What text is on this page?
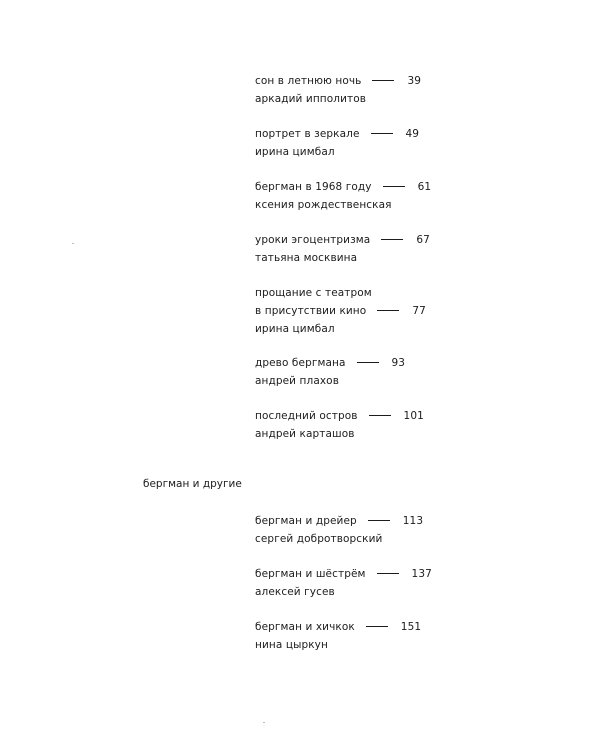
сон в летнюю ночь	39
аркадий ипполитов
портрет в зеркале	49
ирина цимбал
бергман в 1968 году	61
ксения рождественская
уроки эгоцентризма	67
татьяна москвина
прощание с театром
в присутствии кино	77
ирина цимбал
древо бергмана	93
андрей плахов
последний остров	101
андрей карташов
бергман и другие
бергман и дрейер	113
сергей добротворский
бергман и шёстрём	137
алексей гусев
бергман и хичкок	151
нина цыркун
